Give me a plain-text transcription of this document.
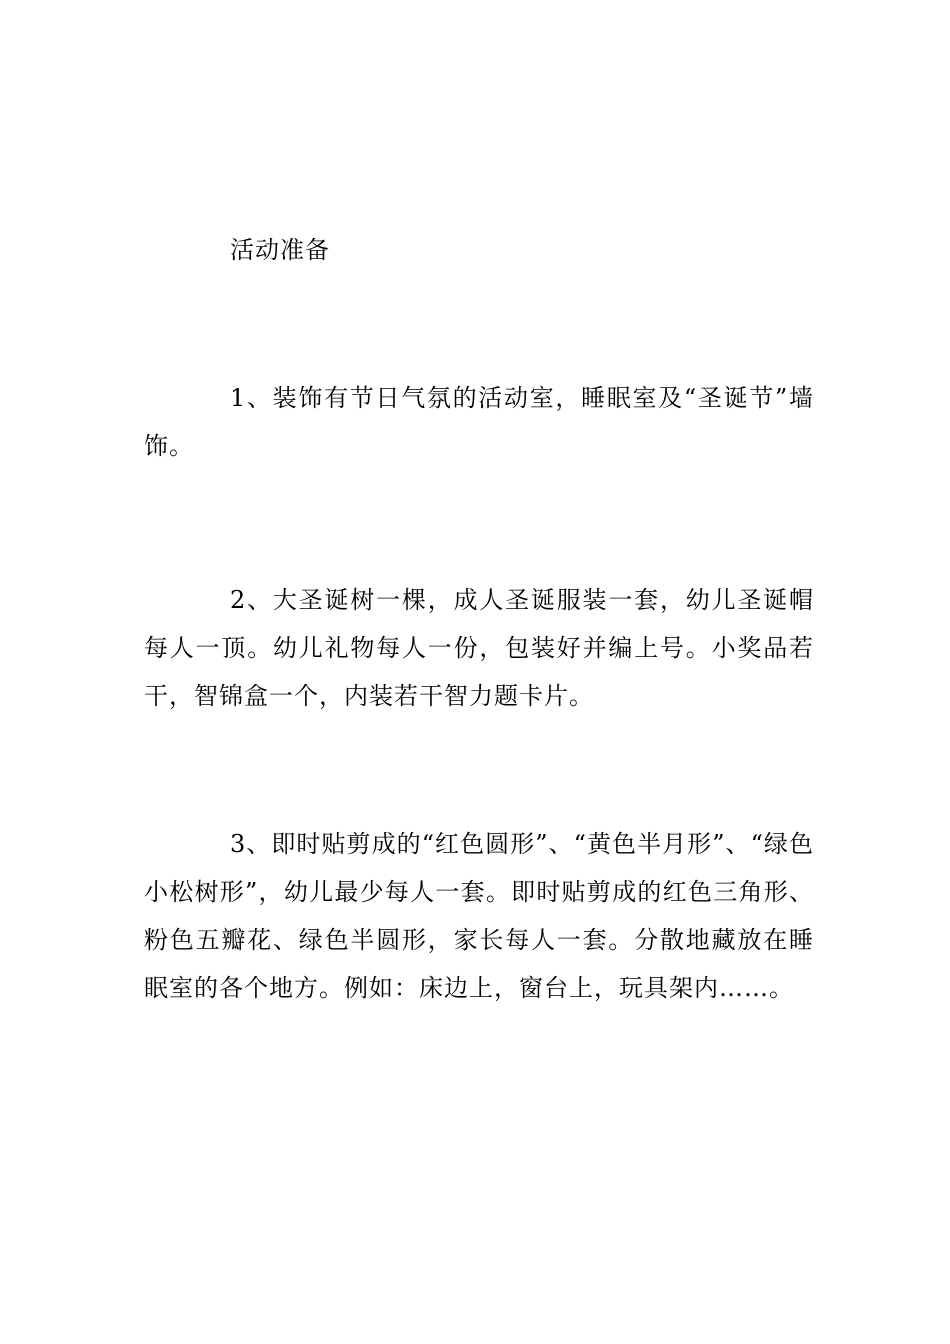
活动准备

1、装饰有节日气氛的活动室，睡眠室及“圣诞节”墙饰。

2、大圣诞树一棵，成人圣诞服装一套，幼儿圣诞帽每人一顶。幼儿礼物每人一份，包装好并编上号。小奖品若干，智锦盒一个，内装若干智力题卡片。

3、即时贴剪成的“红色圆形”、“黄色半月形”、“绿色小松树形”，幼儿最少每人一套。即时贴剪成的红色三角形、粉色五瓣花、绿色半圆形，家长每人一套。分散地藏放在睡眠室的各个地方。例如：床边上，窗台上，玩具架内……。
